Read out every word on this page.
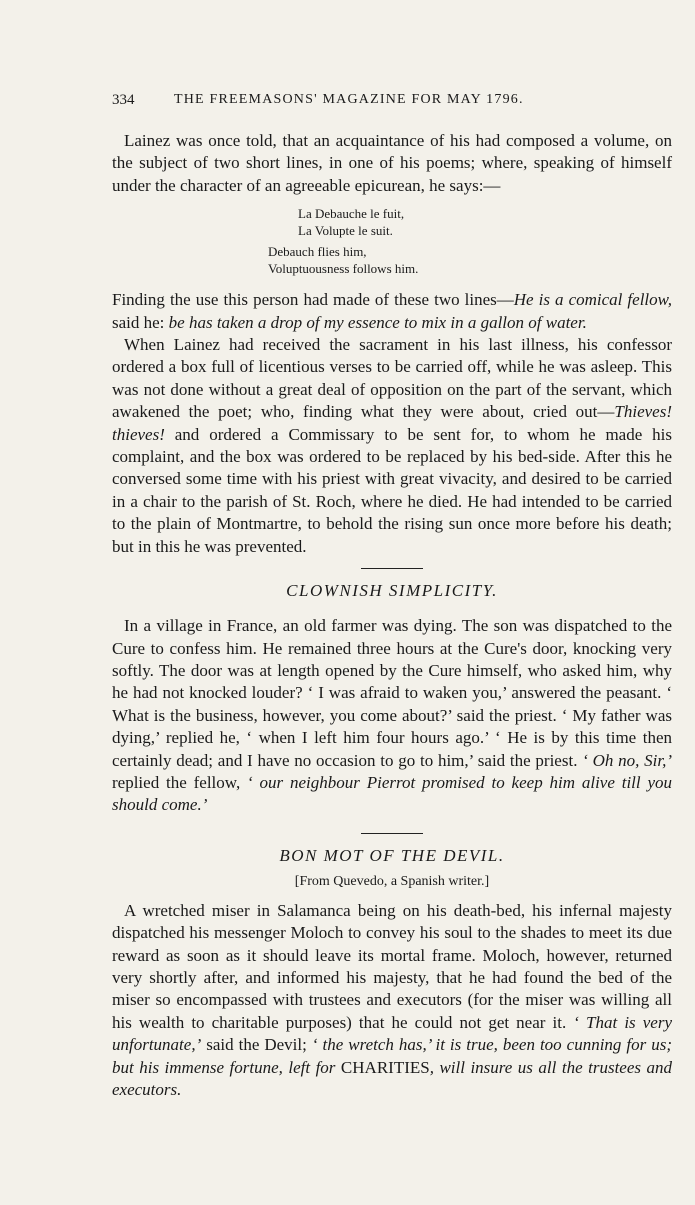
334	THE FREEMASONS' MAGAZINE FOR MAY 1796.

Lainez was once told, that an acquaintance of his had composed a volume, on the subject of two short lines, in one of his poems; where, speaking of himself under the character of an agreeable epicurean, he says:—

La Debauche le fuit,
La Volupte le suit.
Debauch flies him,
Voluptuousness follows him.

Finding the use this person had made of these two lines—He is a comical fellow, said he: be has taken a drop of my essence to mix in a gallon of water.

When Lainez had received the sacrament in his last illness, his confessor ordered a box full of licentious verses to be carried off, while he was asleep. This was not done without a great deal of opposition on the part of the servant, which awakened the poet; who, finding what they were about, cried out—Thieves! thieves! and ordered a Commissary to be sent for, to whom he made his complaint, and the box was ordered to be replaced by his bed-side. After this he conversed some time with his priest with great vivacity, and desired to be carried in a chair to the parish of St. Roch, where he died. He had intended to be carried to the plain of Montmartre, to behold the rising sun once more before his death; but in this he was prevented.

CLOWNISH SIMPLICITY.

In a village in France, an old farmer was dying. The son was dispatched to the Cure to confess him. He remained three hours at the Cure's door, knocking very softly. The door was at length opened by the Cure himself, who asked him, why he had not knocked louder? ‘ I was afraid to waken you,’ answered the peasant. ‘ What is the business, however, you come about?’ said the priest. ‘ My father was dying,’ replied he, ‘ when I left him four hours ago.’ ‘ He is by this time then certainly dead; and I have no occasion to go to him,’ said the priest. ‘ Oh no, Sir,’ replied the fellow, ‘ our neighbour Pierrot promised to keep him alive till you should come.’

BON MOT OF THE DEVIL.
[From Quevedo, a Spanish writer.]

A wretched miser in Salamanca being on his death-bed, his infernal majesty dispatched his messenger Moloch to convey his soul to the shades to meet its due reward as soon as it should leave its mortal frame. Moloch, however, returned very shortly after, and informed his majesty, that he had found the bed of the miser so encompassed with trustees and executors (for the miser was willing all his wealth to charitable purposes) that he could not get near it. ‘ That is very unfortunate,’ said the Devil; ‘ the wretch has,’ it is true, been too cunning for us; but his immense fortune, left for CHARITIES, will insure us all the trustees and executors.
